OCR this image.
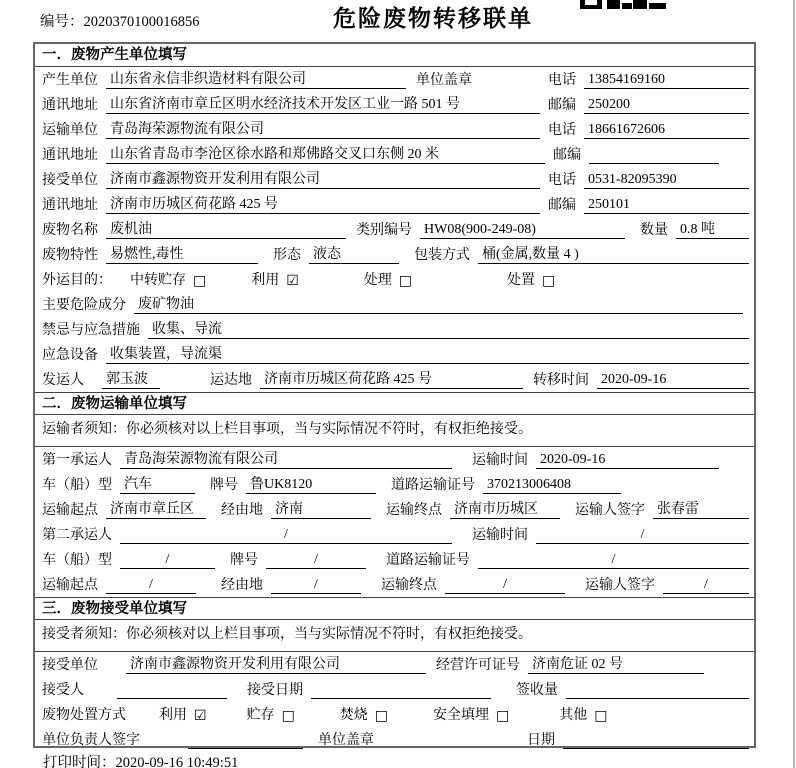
编号：2020370100016856	危险废物转移联单
一．废物产生单位填写
产生单位 山东省永信非织造材料有限公司	单位盖章	电话 13854169160
通讯地址 山东省济南市章丘区明水经济技术开发区工业一路 501 号	邮编 250200
运输单位 青岛海荣源物流有限公司	电话 18661672606
通讯地址 山东省青岛市李沧区徐水路和郑佛路交叉口东侧 20 米	邮编
接受单位 济南市鑫源物资开发利用有限公司	电话 0531-82095390
通讯地址 济南市历城区荷花路 425 号	邮编 250101
废物名称 废机油	类别编号 HW08(900-249-08)	数量 0.8 吨
废物特性 易燃性,毒性	形态 液态	包装方式 桶(金属,数量 4 )
外运目的： 中转贮存 □	利用 ☑	处理 □	处置 □
主要危险成分 废矿物油
禁忌与应急措施 收集、导流
应急设备 收集装置，导流渠
发运人 郭玉波	运达地 济南市历城区荷花路 425 号	转移时间 2020-09-16
二．废物运输单位填写
运输者须知：你必须核对以上栏目事项，当与实际情况不符时，有权拒绝接受。
第一承运人 青岛海荣源物流有限公司	运输时间 2020-09-16
车（船）型 汽车	牌号 鲁UK8120	道路运输证号 370213006408
运输起点 济南市章丘区	经由地 济南	运输终点 济南市历城区	运输人签字 张春雷
第二承运人	/	运输时间	/
车（船）型	/	牌号	/	道路运输证号	/
运输起点	/	经由地	/	运输终点	/	运输人签字	/
三．废物接受单位填写
接受者须知：你必须核对以上栏目事项，当与实际情况不符时，有权拒绝接受。
接受单位 济南市鑫源物资开发利用有限公司	经营许可证号 济南危证 02 号
接受人	接受日期	签收量
废物处置方式 利用 ☑	贮存 □	焚烧 □	安全填埋 □	其他 □
单位负责人签字	单位盖章	日期
打印时间：2020-09-16 10:49:51
